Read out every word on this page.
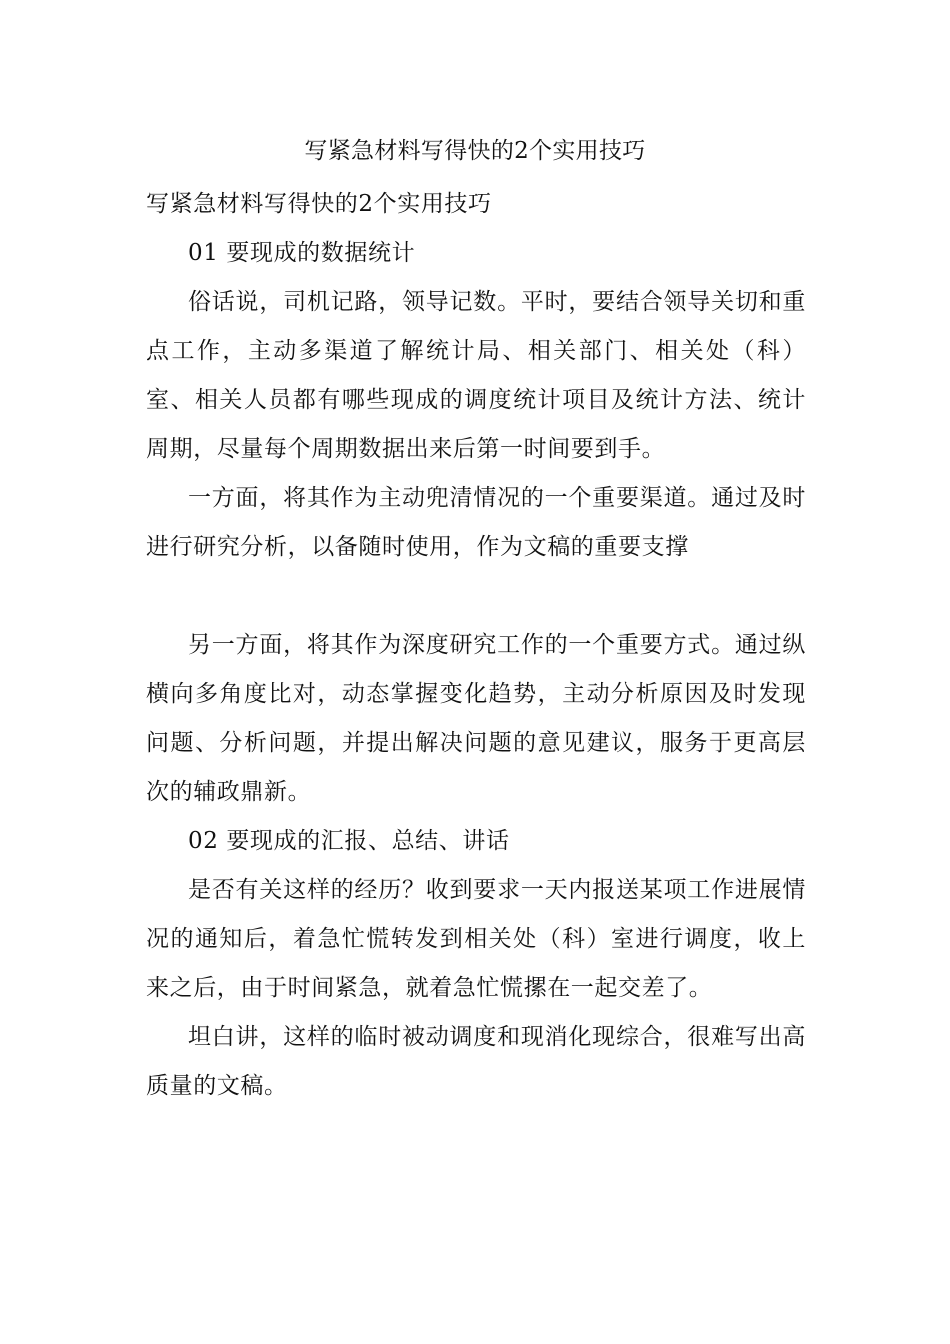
写紧急材料写得快的2个实用技巧

写紧急材料写得快的2个实用技巧

01 要现成的数据统计

俗话说，司机记路，领导记数。平时，要结合领导关切和重点工作，主动多渠道了解统计局、相关部门、相关处（科）室、相关人员都有哪些现成的调度统计项目及统计方法、统计周期，尽量每个周期数据出来后第一时间要到手。

一方面，将其作为主动兜清情况的一个重要渠道。通过及时进行研究分析，以备随时使用，作为文稿的重要支撑

另一方面，将其作为深度研究工作的一个重要方式。通过纵横向多角度比对，动态掌握变化趋势，主动分析原因及时发现问题、分析问题，并提出解决问题的意见建议，服务于更高层次的辅政鼎新。

02 要现成的汇报、总结、讲话

是否有关这样的经历？收到要求一天内报送某项工作进展情况的通知后，着急忙慌转发到相关处（科）室进行调度，收上来之后，由于时间紧急，就着急忙慌摞在一起交差了。

坦白讲，这样的临时被动调度和现消化现综合，很难写出高质量的文稿。
